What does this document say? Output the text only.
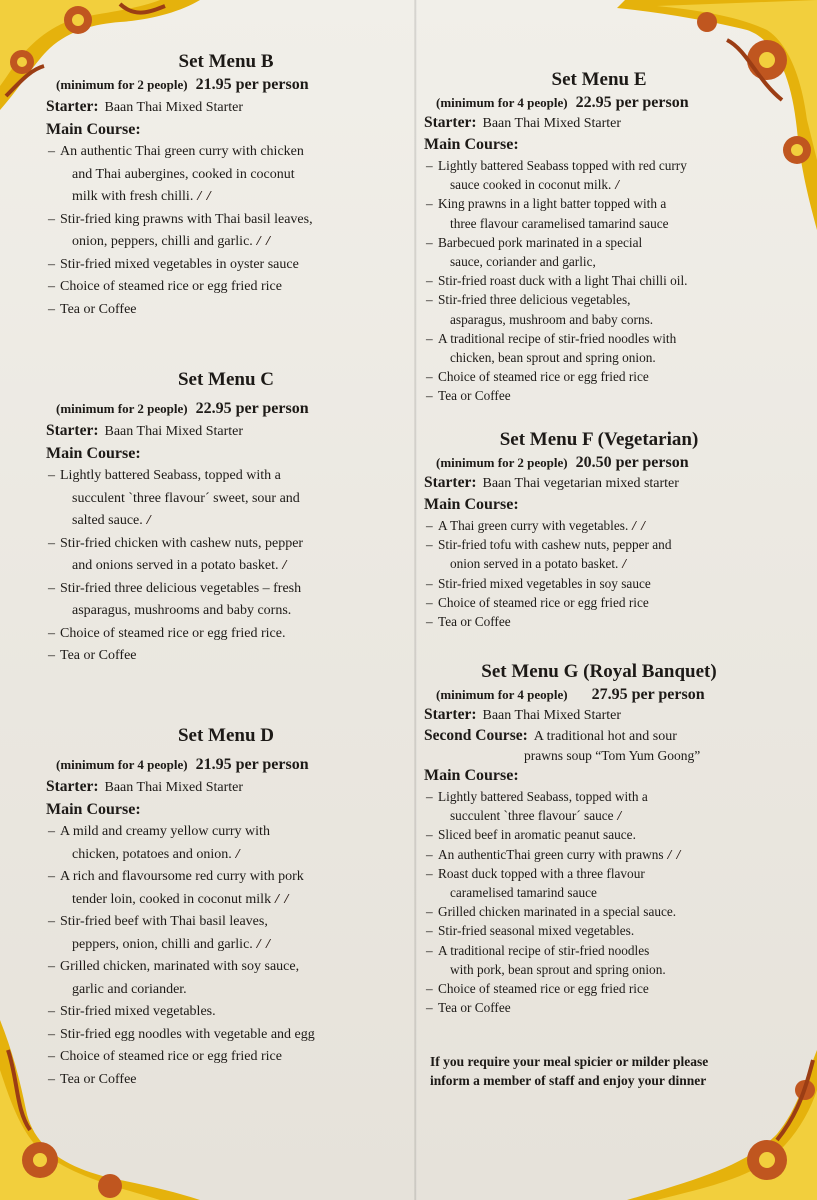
Set Menu B
(minimum for 2 people) 21.95 per person
Starter: Baan Thai Mixed Starter
Main Course:
– An authentic Thai green curry with chicken
and Thai aubergines, cooked in coconut
milk with fresh chilli. / /
– Stir-fried king prawns with Thai basil leaves,
onion, peppers, chilli and garlic. / /
– Stir-fried mixed vegetables in oyster sauce
– Choice of steamed rice or egg fried rice
– Tea or Coffee
Set Menu C
(minimum for 2 people) 22.95 per person
Starter: Baan Thai Mixed Starter
Main Course:
– Lightly battered Seabass, topped with a
succulent `three flavour´ sweet, sour and
salted sauce. /
– Stir-fried chicken with cashew nuts, pepper
and onions served in a potato basket. /
– Stir-fried three delicious vegetables – fresh
asparagus, mushrooms and baby corns.
– Choice of steamed rice or egg fried rice.
– Tea or Coffee
Set Menu D
(minimum for 4 people) 21.95 per person
Starter: Baan Thai Mixed Starter
Main Course:
– A mild and creamy yellow curry with
chicken, potatoes and onion. /
– A rich and flavoursome red curry with pork
tender loin, cooked in coconut milk / /
– Stir-fried beef with Thai basil leaves,
peppers, onion, chilli and garlic. / /
– Grilled chicken, marinated with soy sauce,
garlic and coriander.
– Stir-fried mixed vegetables.
– Stir-fried egg noodles with vegetable and egg
– Choice of steamed rice or egg fried rice
– Tea or Coffee
Set Menu E
(minimum for 4 people) 22.95 per person
Starter: Baan Thai Mixed Starter
Main Course:
– Lightly battered Seabass topped with red curry
sauce cooked in coconut milk. /
– King prawns in a light batter topped with a
three flavour caramelised tamarind sauce
– Barbecued pork marinated in a special
sauce, coriander and garlic,
– Stir-fried roast duck with a light Thai chilli oil.
– Stir-fried three delicious vegetables,
asparagus, mushroom and baby corns.
– A traditional recipe of stir-fried noodles with
chicken, bean sprout and spring onion.
– Choice of steamed rice or egg fried rice
– Tea or Coffee
Set Menu F (Vegetarian)
(minimum for 2 people) 20.50 per person
Starter: Baan Thai vegetarian mixed starter
Main Course:
– A Thai green curry with vegetables. / /
– Stir-fried tofu with cashew nuts, pepper and
onion served in a potato basket. /
– Stir-fried mixed vegetables in soy sauce
– Choice of steamed rice or egg fried rice
– Tea or Coffee
Set Menu G (Royal Banquet)
(minimum for 4 people) 27.95 per person
Starter: Baan Thai Mixed Starter
Second Course: A traditional hot and sour
prawns soup “Tom Yum Goong”
Main Course:
– Lightly battered Seabass, topped with a
succulent `three flavour´ sauce /
– Sliced beef in aromatic peanut sauce.
– An authenticThai green curry with prawns / /
– Roast duck topped with a three flavour
caramelised tamarind sauce
– Grilled chicken marinated in a special sauce.
– Stir-fried seasonal mixed vegetables.
– A traditional recipe of stir-fried noodles
with pork, bean sprout and spring onion.
– Choice of steamed rice or egg fried rice
– Tea or Coffee
If you require your meal spicier or milder please
inform a member of staff and enjoy your dinner
